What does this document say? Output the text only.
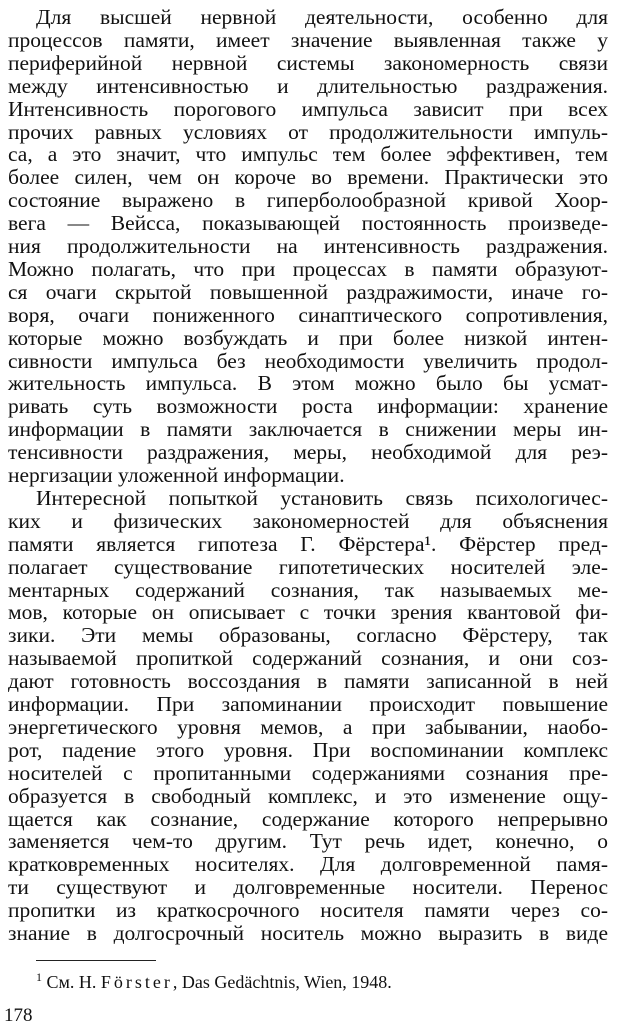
Для высшей нервной деятельности, особенно для
процессов памяти, имеет значение выявленная также у
периферийной нервной системы закономерность связи
между интенсивностью и длительностью раздражения.
Интенсивность порогового импульса зависит при всех
прочих равных условиях от продолжительности импуль-
са, а это значит, что импульс тем более эффективен, тем
более силен, чем он короче во времени. Практически это
состояние выражено в гиперболообразной кривой Хоор-
вега — Вейсса, показывающей постоянность произведе-
ния продолжительности на интенсивность раздражения.
Можно полагать, что при процессах в памяти образуют-
ся очаги скрытой повышенной раздражимости, иначе го-
воря, очаги пониженного синаптического сопротивления,
которые можно возбуждать и при более низкой интен-
сивности импульса без необходимости увеличить продол-
жительность импульса. В этом можно было бы усмат-
ривать суть возможности роста информации: хранение
информации в памяти заключается в снижении меры ин-
тенсивности раздражения, меры, необходимой для реэ-
нергизации уложенной информации.
Интересной попыткой установить связь психологичес-
ких и физических закономерностей для объяснения
памяти является гипотеза Г. Фёрстера¹. Фёрстер пред-
полагает существование гипотетических носителей эле-
ментарных содержаний сознания, так называемых ме-
мов, которые он описывает с точки зрения квантовой фи-
зики. Эти мемы образованы, согласно Фёрстеру, так
называемой пропиткой содержаний сознания, и они соз-
дают готовность воссоздания в памяти записанной в ней
информации. При запоминании происходит повышение
энергетического уровня мемов, а при забывании, наобо-
рот, падение этого уровня. При воспоминании комплекс
носителей с пропитанными содержаниями сознания пре-
образуется в свободный комплекс, и это изменение ощу-
щается как сознание, содержание которого непрерывно
заменяется чем-то другим. Тут речь идет, конечно, о
кратковременных носителях. Для долговременной памя-
ти существуют и долговременные носители. Перенос
пропитки из краткосрочного носителя памяти через со-
знание в долгосрочный носитель можно выразить в виде
$^1$ См. Н. Förster, Das Gedächtnis, Wien, 1948.
178
